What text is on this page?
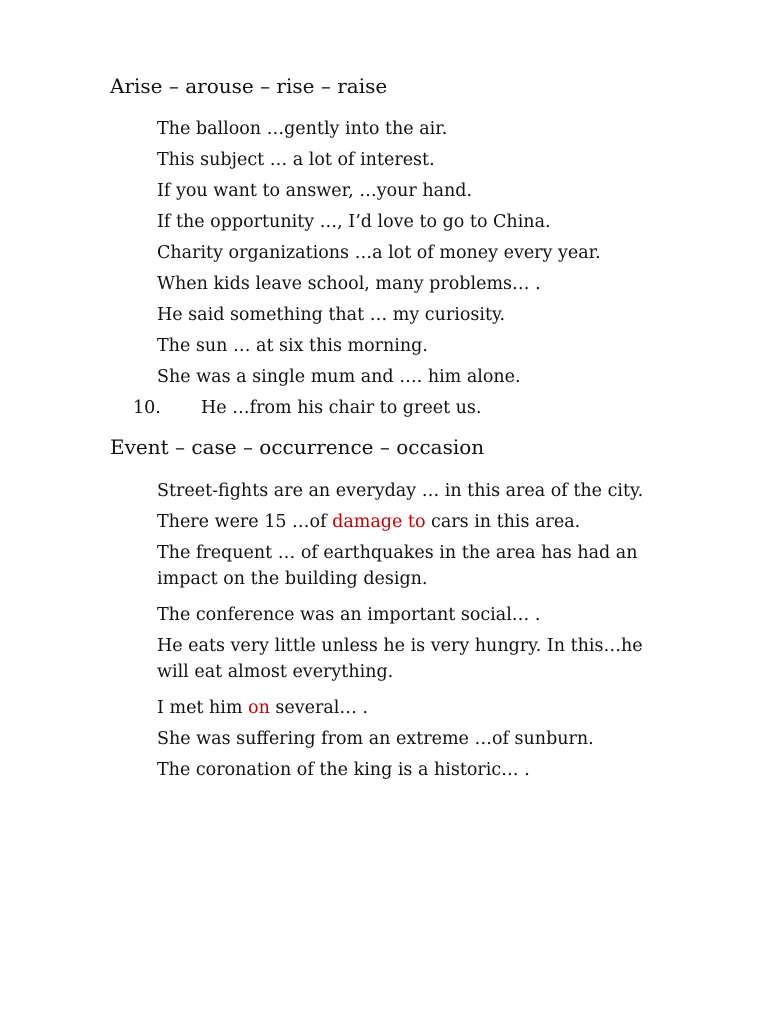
Arise – arouse – rise – raise
The balloon …gently into the air.
This subject … a lot of interest.
If you want to answer, …your hand.
If the opportunity …, I’d love to go to China.
Charity organizations …a lot of money every year.
When kids leave school, many problems… .
He said something that … my curiosity.
The sun … at six this morning.
She was a single mum and …. him alone.
10. He …from his chair to greet us.
Event – case – occurrence – occasion
Street-fights are an everyday … in this area of the city.
There were 15 …of damage to cars in this area.
The frequent … of earthquakes in the area has had an
impact on the building design.
The conference was an important social… .
He eats very little unless he is very hungry. In this…he
will eat almost everything.
I met him on several… .
She was suffering from an extreme …of sunburn.
The coronation of the king is a historic… .
